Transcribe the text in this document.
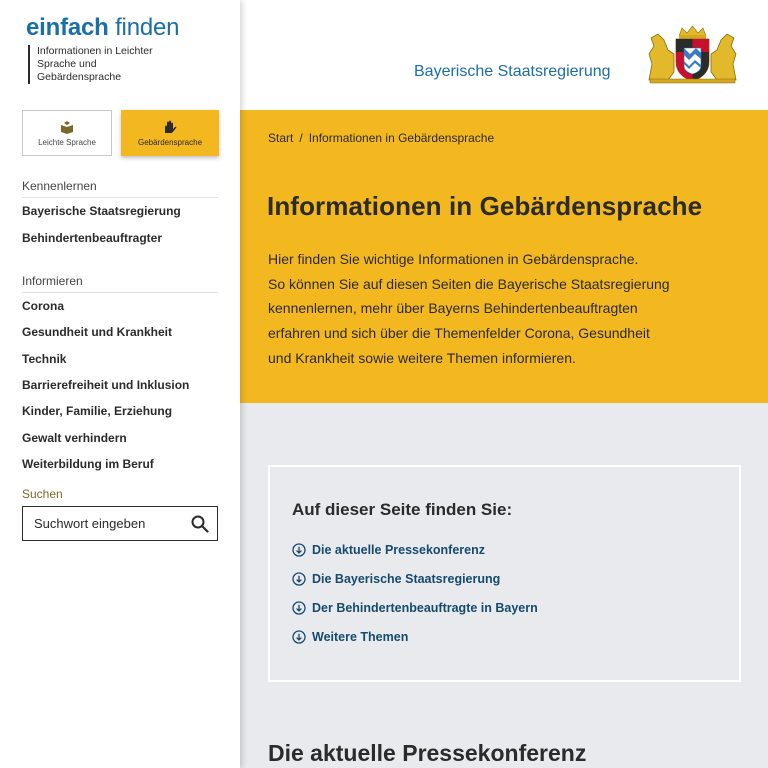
einfach finden
Informationen in Leichter Sprache und Gebärdensprache
Leichte Sprache	Gebärdensprache
Kennenlernen
Bayerische Staatsregierung
Behindertenbeauftragter
Informieren
Corona
Gesundheit und Krankheit
Technik
Barrierefreiheit und Inklusion
Kinder, Familie, Erziehung
Gewalt verhindern
Weiterbildung im Beruf
Suchen
Suchwort eingeben
Bayerische Staatsregierung
Start / Informationen in Gebärdensprache
Informationen in Gebärdensprache
Hier finden Sie wichtige Informationen in Gebärdensprache.
So können Sie auf diesen Seiten die Bayerische Staatsregierung
kennenlernen, mehr über Bayerns Behindertenbeauftragten
erfahren und sich über die Themenfelder Corona, Gesundheit
und Krankheit sowie weitere Themen informieren.
Auf dieser Seite finden Sie:
Die aktuelle Pressekonferenz
Die Bayerische Staatsregierung
Der Behindertenbeauftragte in Bayern
Weitere Themen
Die aktuelle Pressekonferenz
